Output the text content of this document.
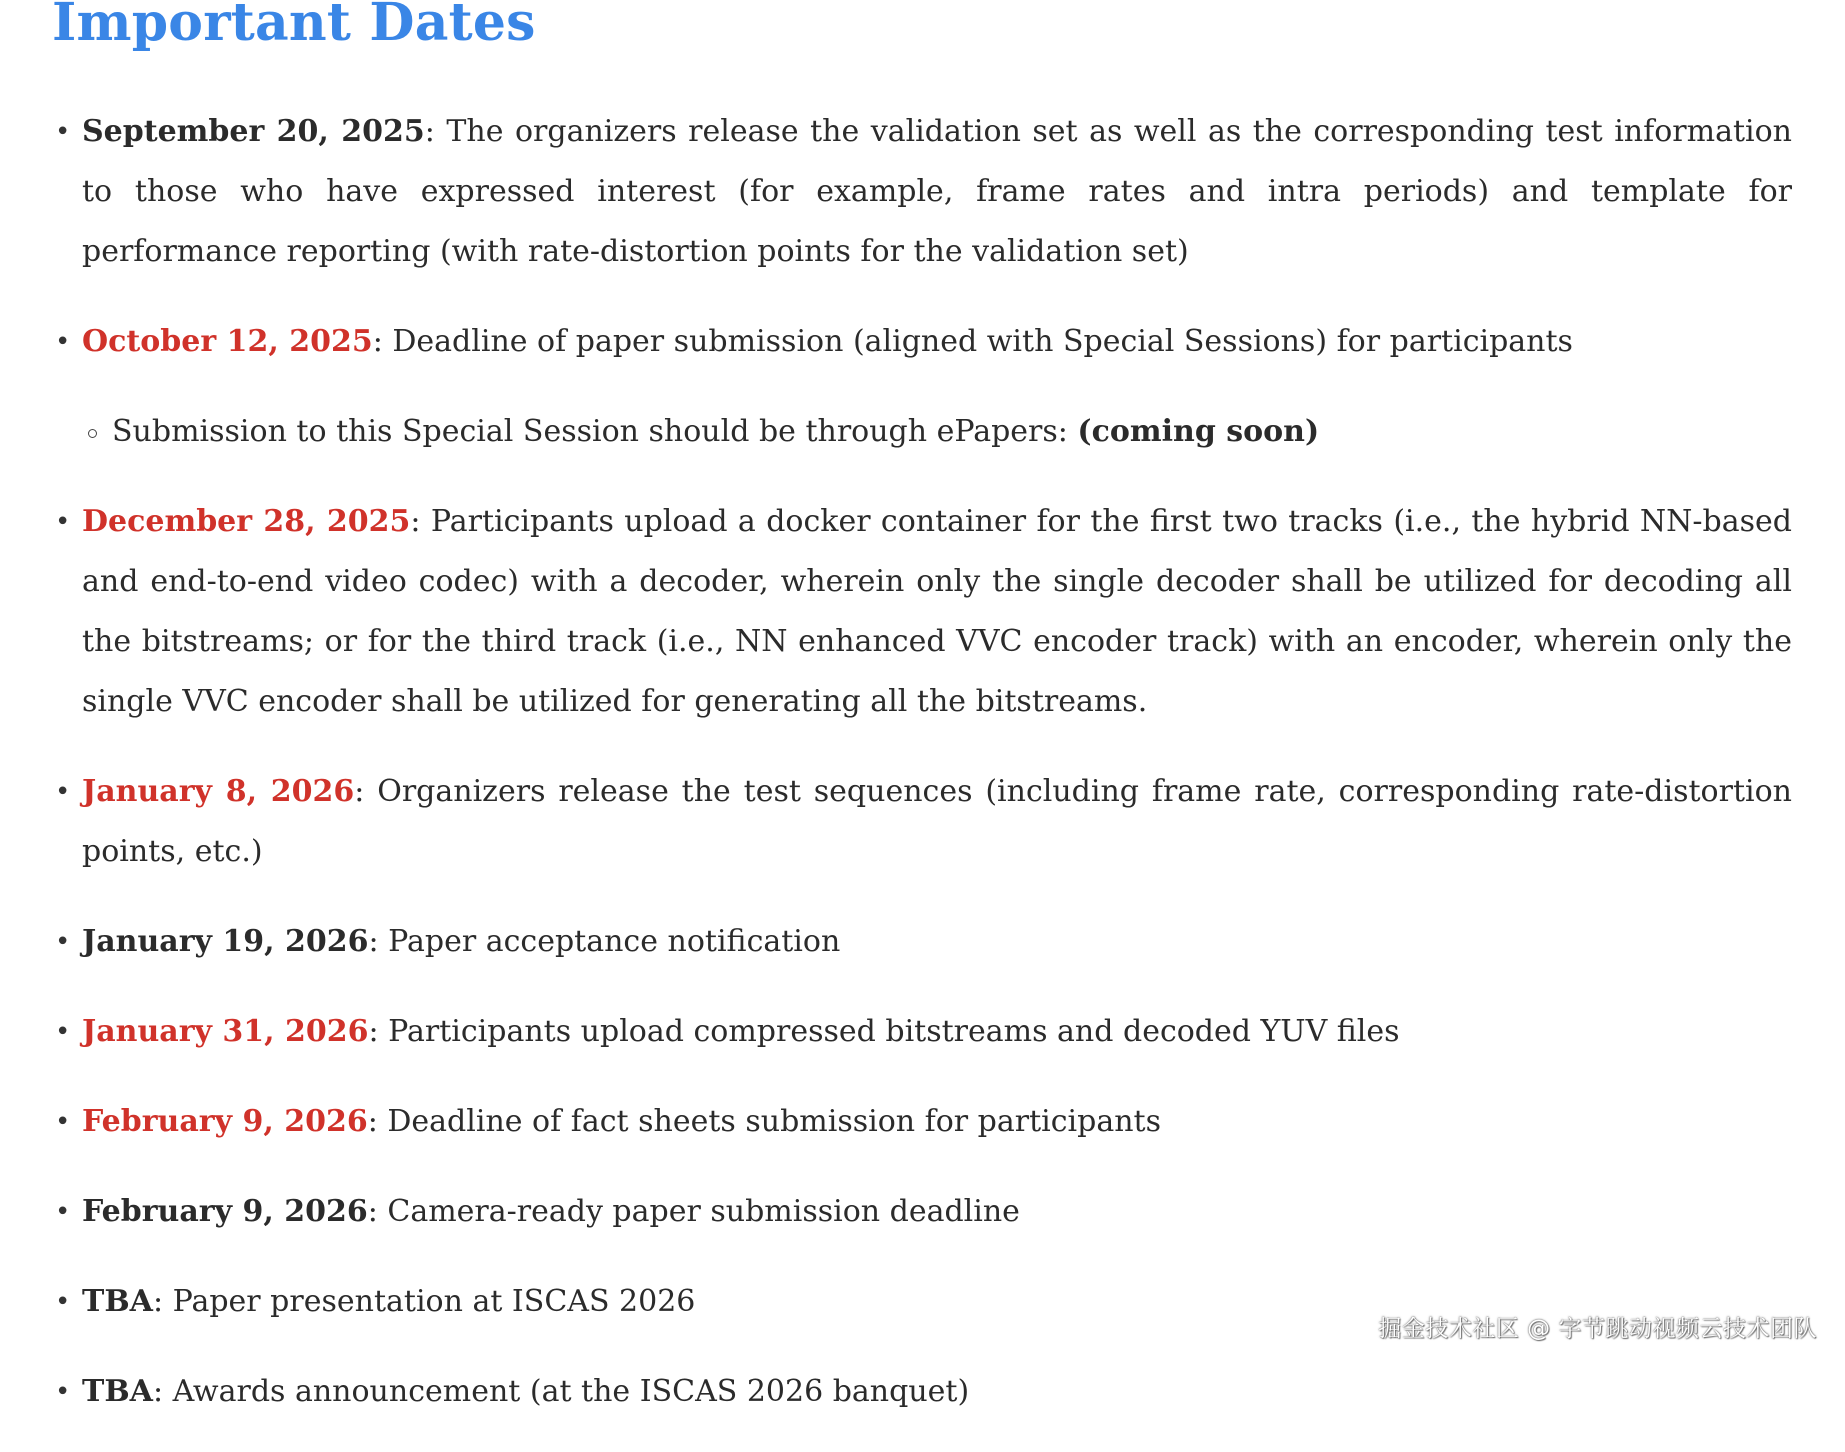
Important Dates
• September 20, 2025: The organizers release the validation set as well as the corresponding test information to those who have expressed interest (for example, frame rates and intra periods) and template for performance reporting (with rate-distortion points for the validation set)
• October 12, 2025: Deadline of paper submission (aligned with Special Sessions) for participants
Submission to this Special Session should be through ePapers: (coming soon)
• December 28, 2025: Participants upload a docker container for the first two tracks (i.e., the hybrid NN-based and end-to-end video codec) with a decoder, wherein only the single decoder shall be utilized for decoding all the bitstreams; or for the third track (i.e., NN enhanced VVC encoder track) with an encoder, wherein only the single VVC encoder shall be utilized for generating all the bitstreams.
• January 8, 2026: Organizers release the test sequences (including frame rate, corresponding rate-distortion points, etc.)
• January 19, 2026: Paper acceptance notification
• January 31, 2026: Participants upload compressed bitstreams and decoded YUV files
• February 9, 2026: Deadline of fact sheets submission for participants
• February 9, 2026: Camera-ready paper submission deadline
• TBA: Paper presentation at ISCAS 2026
• TBA: Awards announcement (at the ISCAS 2026 banquet)
掘金技术社区 @ 字节跳动视频云技术团队
